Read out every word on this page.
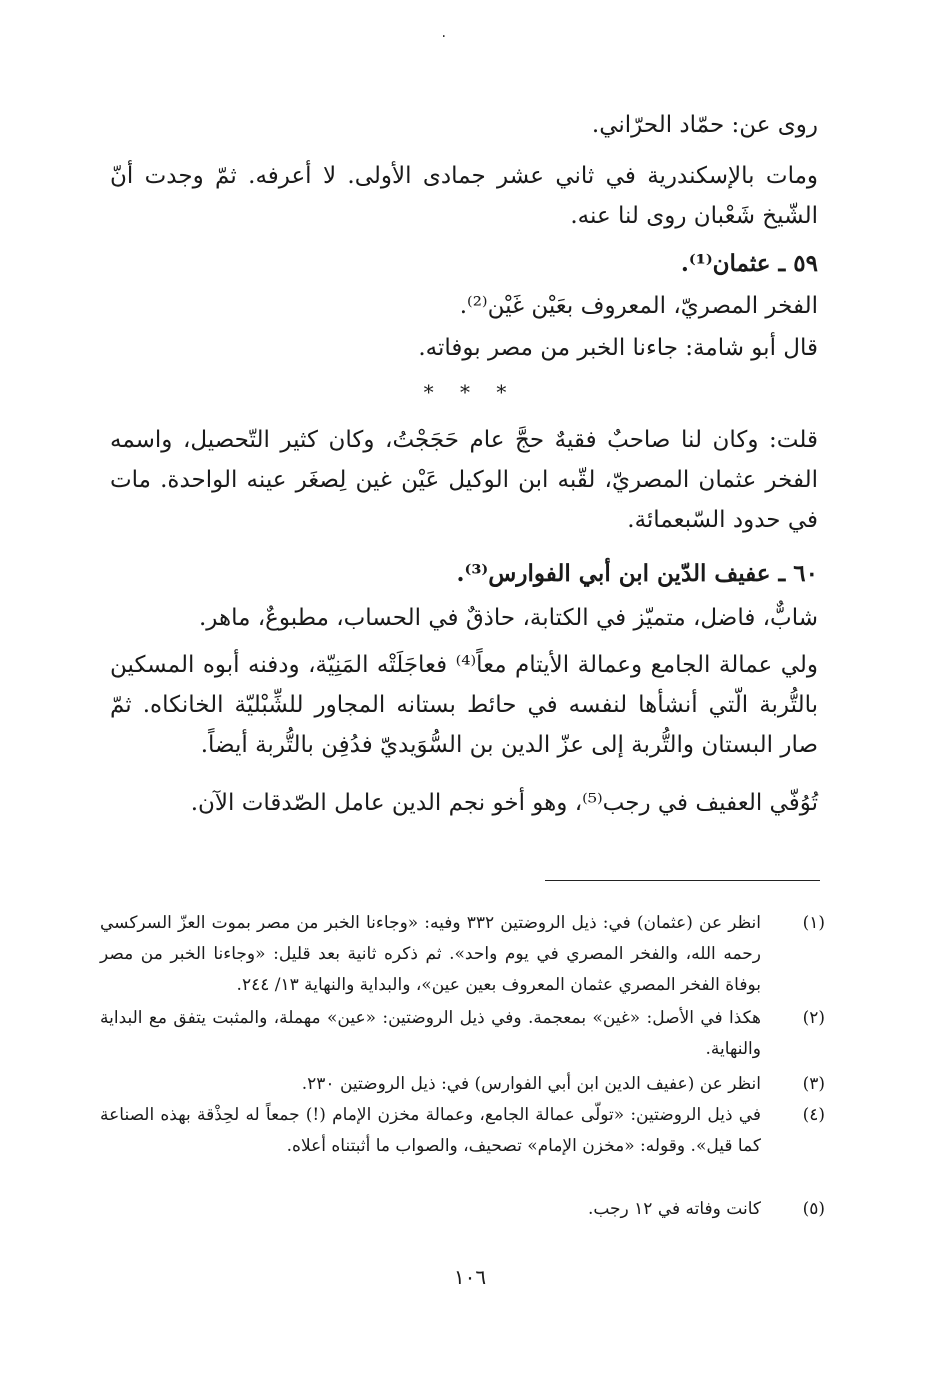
٠
روى عن: حمّاد الحرّاني.
ومات بالإسكندرية في ثاني عشر جمادى الأولى. لا أعرفه. ثمّ وجدت أنّ الشّيخ شَعْبان روى لنا عنه.
٥٩ ـ عثمان⁽¹⁾.
الفخر المصريّ، المعروف بعَيْن غَيْن⁽²⁾.
قال أبو شامة: جاءنا الخبر من مصر بوفاته.
* * *
قلت: وكان لنا صاحبٌ فقيهٌ حجَّ عام حَجَجْتُ، وكان كثير التّحصيل، واسمه الفخر عثمان المصريّ، لقّبه ابن الوكيل عَيْن غين لِصغَر عينه الواحدة. مات في حدود السّبعمائة.
٦٠ ـ عفيف الدّين ابن أبي الفوارس⁽³⁾.
شابٌّ، فاضل، متميّز في الكتابة، حاذقٌ في الحساب، مطبوعٌ، ماهر.
ولي عمالة الجامع وعمالة الأيتام معاً⁽⁴⁾ فعاجَلَتْه المَنِيّة، ودفنه أبوه المسكين بالتُّربة الّتي أنشأها لنفسه في حائط بستانه المجاور للشِّبْليّة الخانكاه. ثمّ صار البستان والتُّربة إلى عزّ الدين بن السُّوَيديّ فدُفِن بالتُّربة أيضاً.
تُوُفّي العفيف في رجب⁽⁵⁾، وهو أخو نجم الدين عامل الصّدقات الآن.
(١)
انظر عن (عثمان) في: ذيل الروضتين ٣٣٢ وفيه: «وجاءنا الخبر من مصر بموت العزّ السركسي رحمه الله، والفخر المصري في يوم واحد». ثم ذكره ثانية بعد قليل: «وجاءنا الخبر من مصر بوفاة الفخر المصري عثمان المعروف بعين عين»، والبداية والنهاية ١٣/ ٢٤٤.
(٢)
هكذا في الأصل: «غين» بمعجمة. وفي ذيل الروضتين: «عين» مهملة، والمثبت يتفق مع البداية والنهاية.
(٣)
انظر عن (عفيف الدين ابن أبي الفوارس) في: ذيل الروضتين ٢٣٠.
(٤)
في ذيل الروضتين: «تولّى عمالة الجامع، وعمالة مخزن الإمام (!) جمعاً له لحِذْقة بهذه الصناعة كما قيل». وقوله: «مخزن الإمام» تصحيف، والصواب ما أثبتناه أعلاه.
(٥)
كانت وفاته في ١٢ رجب.
١٠٦
